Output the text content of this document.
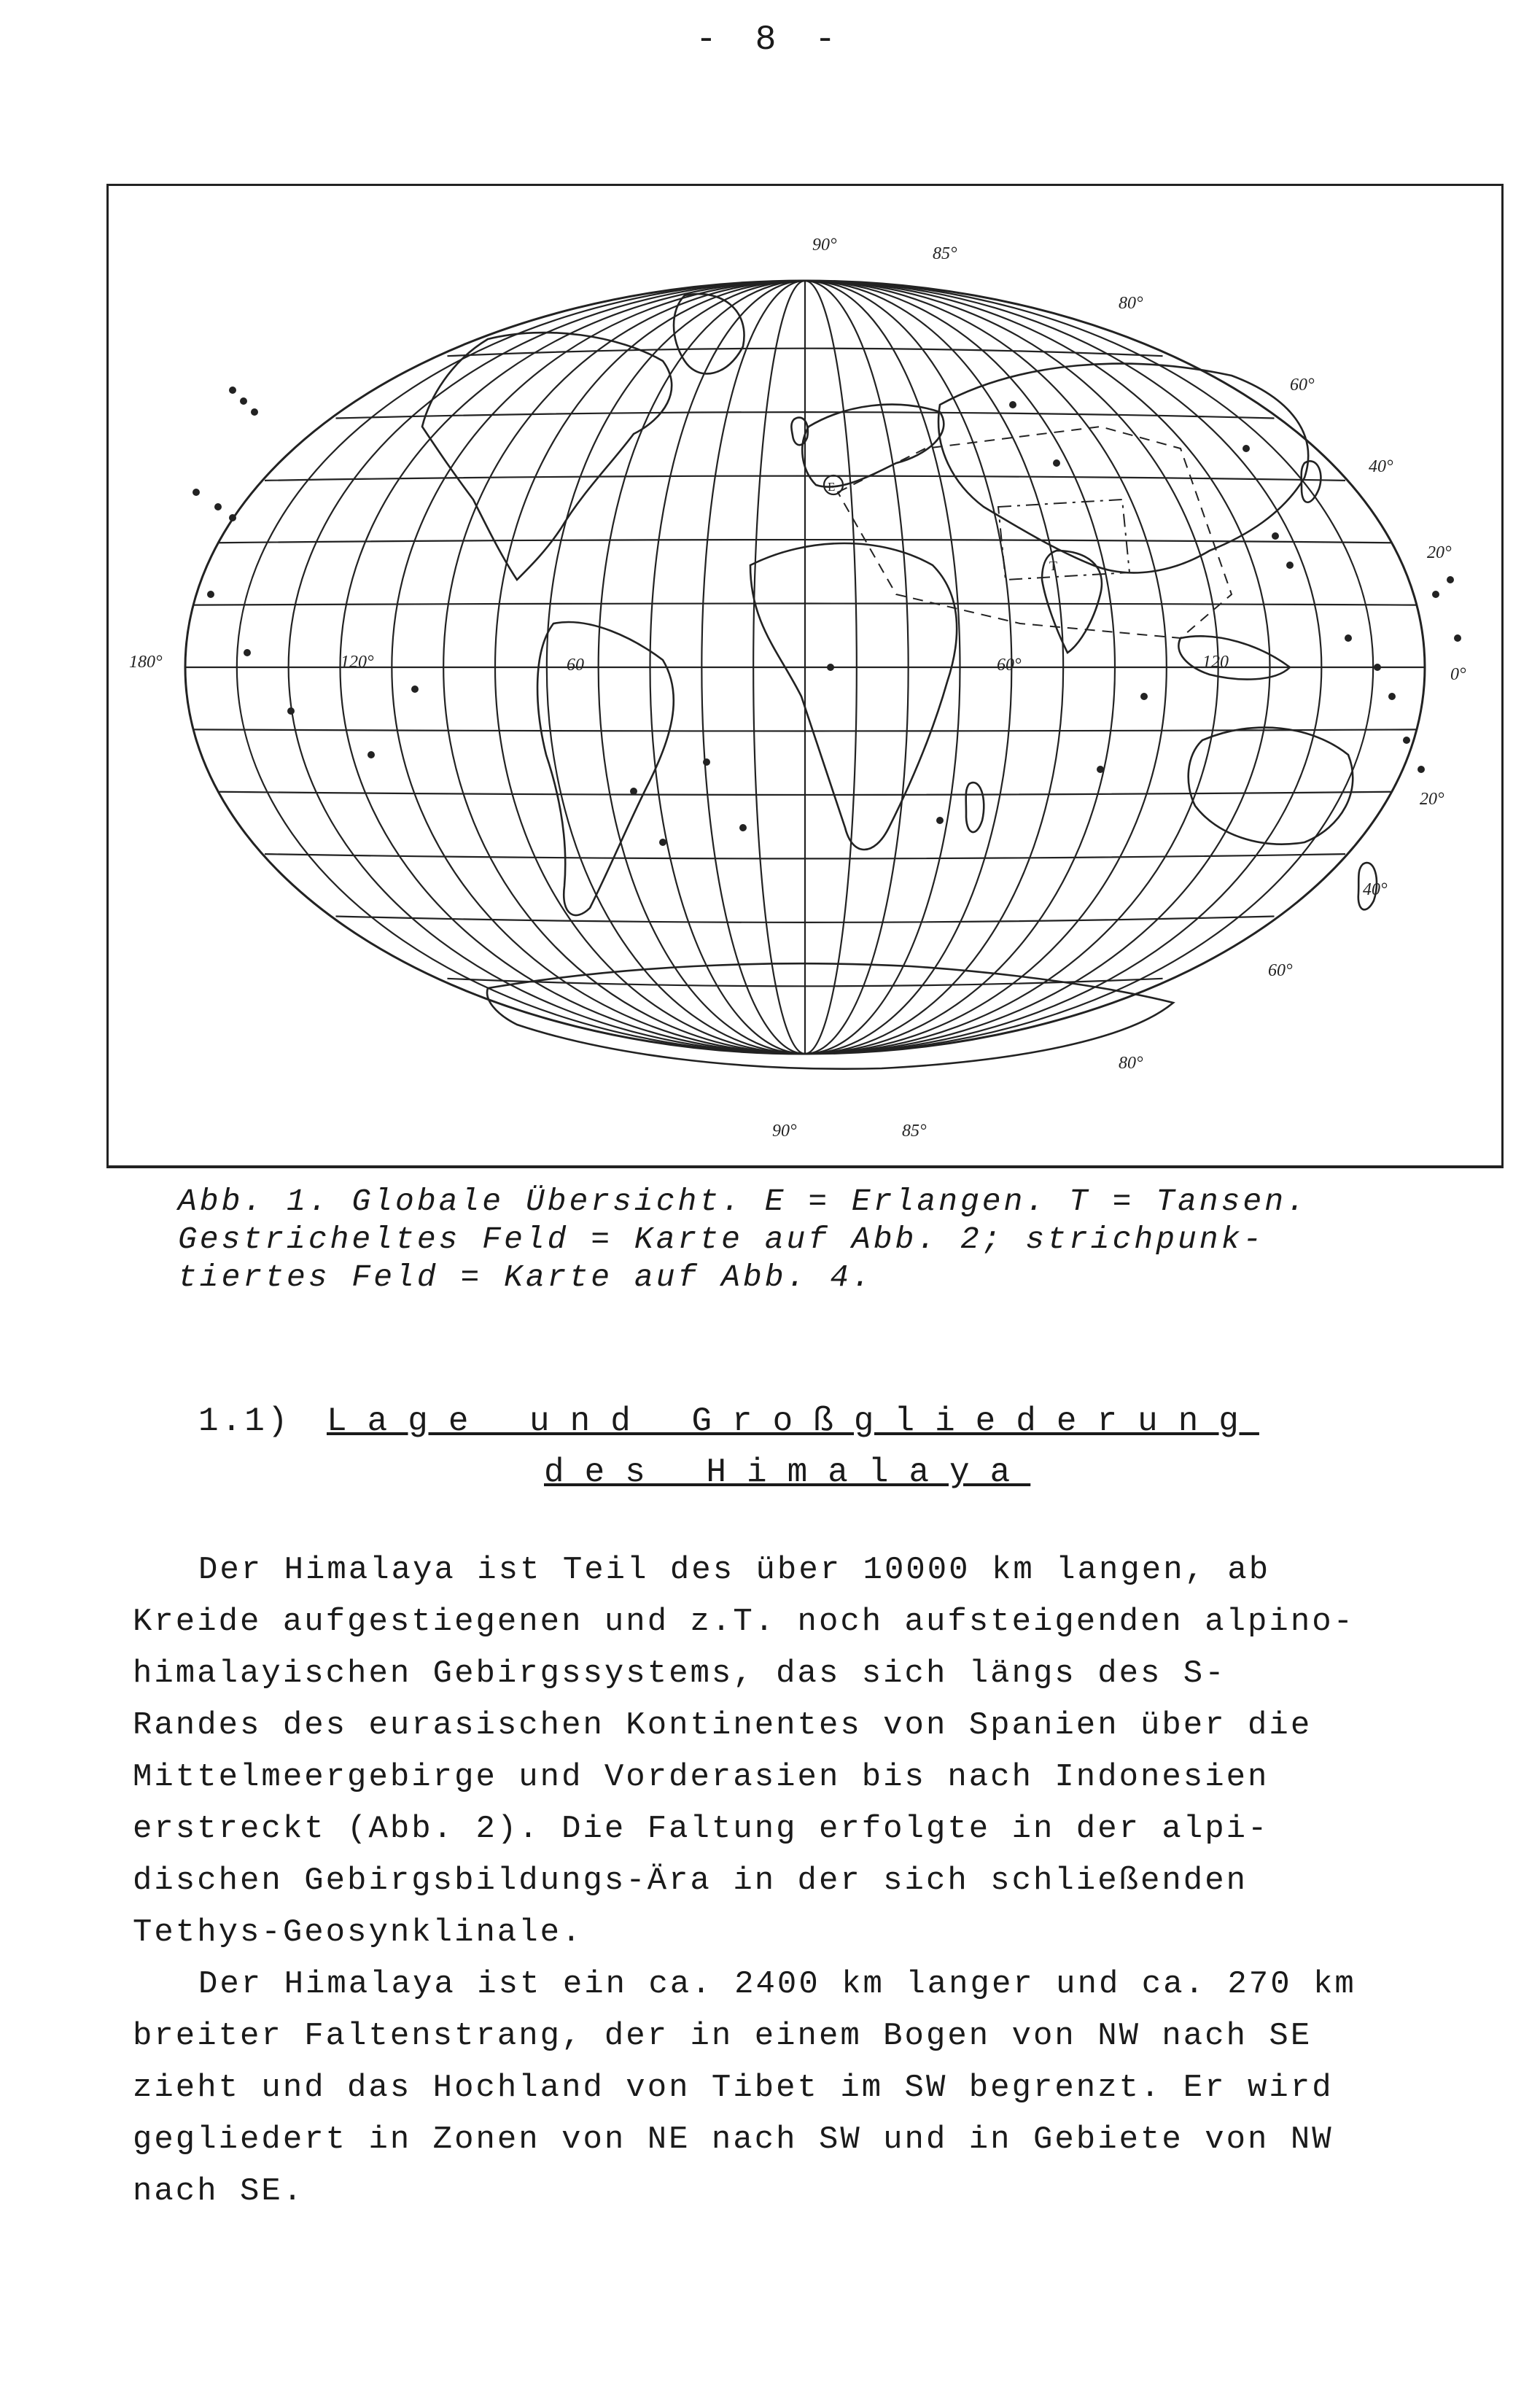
- 8 -
90°	85°
80°
60°
40°
20°
0°
20°
40°
60°
80°
90°	85°
180°	120°	60	60°	120
E
T
Abb. 1. Globale Übersicht. E = Erlangen. T = Tansen.
Gestricheltes Feld = Karte auf Abb. 2; strichpunk-
tiertes Feld = Karte auf Abb. 4.
1.1) Lage und Großgliederung
des Himalaya

Der Himalaya ist Teil des über 10000 km langen, ab
Kreide aufgestiegenen und z.T. noch aufsteigenden alpino-
himalayischen Gebirgssystems, das sich längs des S-
Randes des eurasischen Kontinentes von Spanien über die
Mittelmeergebirge und Vorderasien bis nach Indonesien
erstreckt (Abb. 2). Die Faltung erfolgte in der alpi-
dischen Gebirgsbildungs-Ära in der sich schließenden
Tethys-Geosynklinale.

Der Himalaya ist ein ca. 2400 km langer und ca. 270 km
breiter Faltenstrang, der in einem Bogen von NW nach SE
zieht und das Hochland von Tibet im SW begrenzt. Er wird
gegliedert in Zonen von NE nach SW und in Gebiete von NW
nach SE.
